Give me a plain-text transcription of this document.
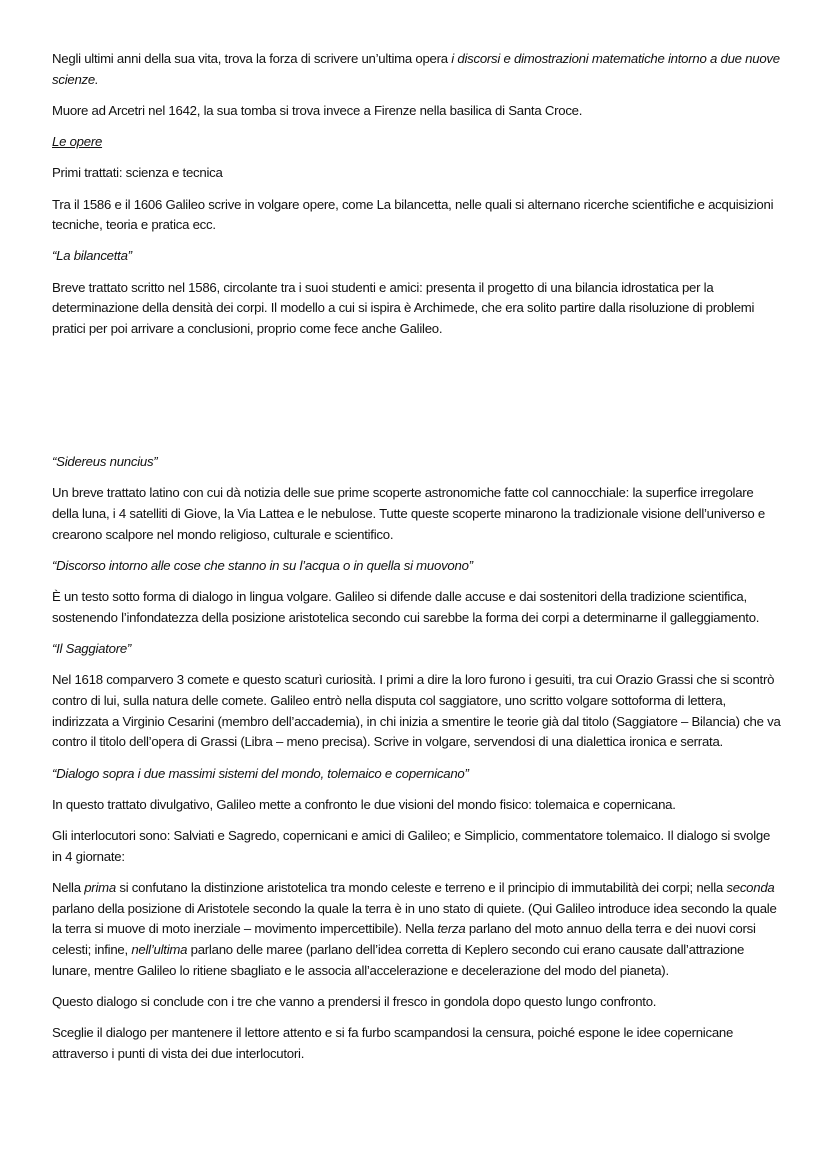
Negli ultimi anni della sua vita, trova la forza di scrivere un’ultima opera i discorsi e dimostrazioni matematiche intorno a due nuove scienze.

Muore ad Arcetri nel 1642, la sua tomba si trova invece a Firenze nella basilica di Santa Croce.

Le opere

Primi trattati: scienza e tecnica

Tra il 1586 e il 1606 Galileo scrive in volgare opere, come La bilancetta, nelle quali si alternano ricerche scientifiche e acquisizioni tecniche, teoria e pratica ecc.

“La bilancetta”

Breve trattato scritto nel 1586, circolante tra i suoi studenti e amici: presenta il progetto di una bilancia idrostatica per la determinazione della densità dei corpi. Il modello a cui si ispira è Archimede, che era solito partire dalla risoluzione di problemi pratici per poi arrivare a conclusioni, proprio come fece anche Galileo.

“Sidereus nuncius”

Un breve trattato latino con cui dà notizia delle sue prime scoperte astronomiche fatte col cannocchiale: la superfice irregolare della luna, i 4 satelliti di Giove, la Via Lattea e le nebulose. Tutte queste scoperte minarono la tradizionale visione dell’universo e crearono scalpore nel mondo religioso, culturale e scientifico.

“Discorso intorno alle cose che stanno in su l’acqua o in quella si muovono”

È un testo sotto forma di dialogo in lingua volgare. Galileo si difende dalle accuse e dai sostenitori della tradizione scientifica, sostenendo l’infondatezza della posizione aristotelica secondo cui sarebbe la forma dei corpi a determinarne il galleggiamento.

“Il Saggiatore”

Nel 1618 comparvero 3 comete e questo scaturì curiosità. I primi a dire la loro furono i gesuiti, tra cui Orazio Grassi che si scontrò contro di lui, sulla natura delle comete. Galileo entrò nella disputa col saggiatore, uno scritto volgare sottoforma di lettera, indirizzata a Virginio Cesarini (membro dell’accademia), in chi inizia a smentire le teorie già dal titolo (Saggiatore – Bilancia) che va contro il titolo dell’opera di Grassi (Libra – meno precisa). Scrive in volgare, servendosi di una dialettica ironica e serrata.

“Dialogo sopra i due massimi sistemi del mondo, tolemaico e copernicano”

In questo trattato divulgativo, Galileo mette a confronto le due visioni del mondo fisico: tolemaica e copernicana.

Gli interlocutori sono: Salviati e Sagredo, copernicani e amici di Galileo; e Simplicio, commentatore tolemaico. Il dialogo si svolge in 4 giornate:

Nella prima si confutano la distinzione aristotelica tra mondo celeste e terreno e il principio di immutabilità dei corpi; nella seconda parlano della posizione di Aristotele secondo la quale la terra è in uno stato di quiete. (Qui Galileo introduce idea secondo la quale la terra si muove di moto inerziale – movimento impercettibile). Nella terza parlano del moto annuo della terra e dei nuovi corsi celesti; infine, nell’ultima parlano delle maree (parlano dell’idea corretta di Keplero secondo cui erano causate dall’attrazione lunare, mentre Galileo lo ritiene sbagliato e le associa all’accelerazione e decelerazione del modo del pianeta).

Questo dialogo si conclude con i tre che vanno a prendersi il fresco in gondola dopo questo lungo confronto.

Sceglie il dialogo per mantenere il lettore attento e si fa furbo scampandosi la censura, poiché espone le idee copernicane attraverso i punti di vista dei due interlocutori.
